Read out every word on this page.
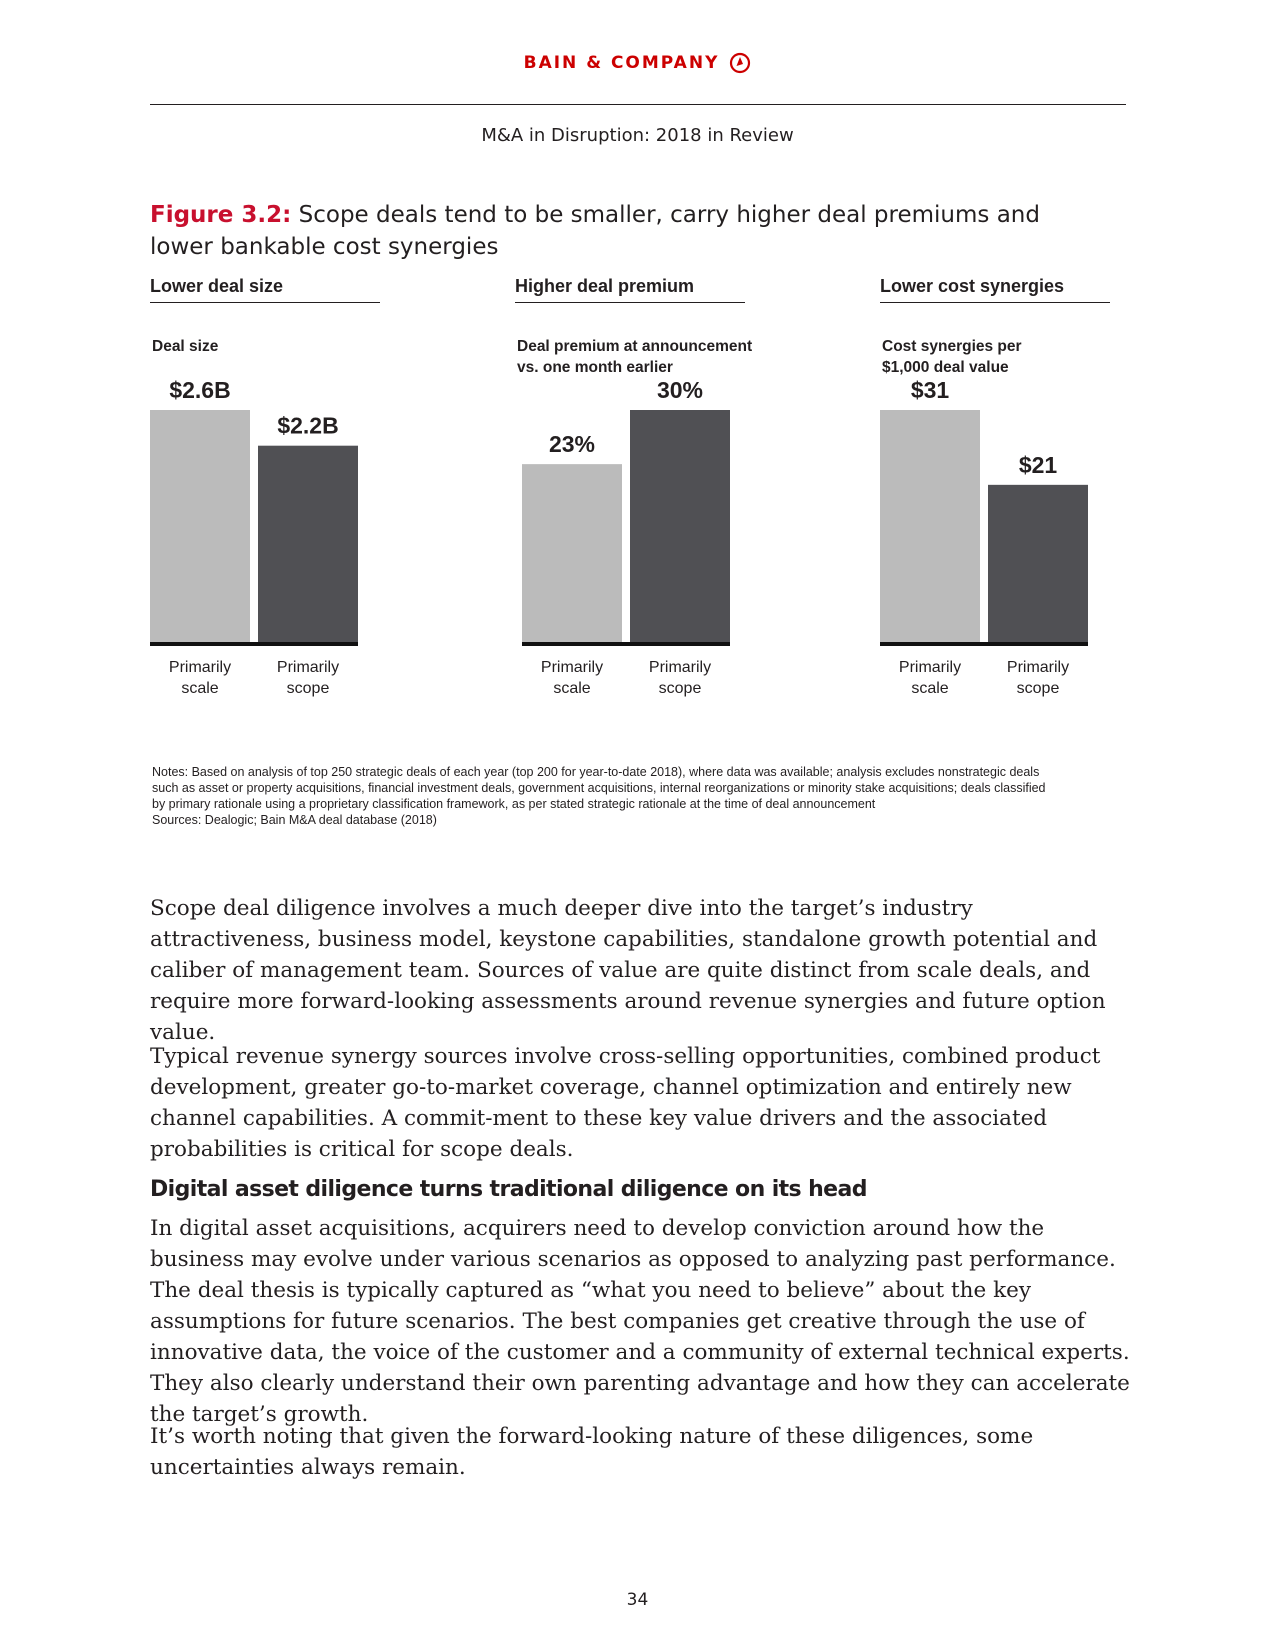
BAIN & COMPANY
M&A in Disruption: 2018 in Review
Figure 3.2: Scope deals tend to be smaller, carry higher deal premiums and lower bankable cost synergies
Lower deal size
Deal size
$2.6B
Primarily
scale
$2.2B
Primarily
scope
Higher deal premium
Deal premium at announcement
vs. one month earlier
23%
Primarily
scale
30%
Primarily
scope
Lower cost synergies
Cost synergies per
$1,000 deal value
$31
Primarily
scale
$21
Primarily
scope
Notes: Based on analysis of top 250 strategic deals of each year (top 200 for year-to-date 2018), where data was available; analysis excludes nonstrategic deals
such as asset or property acquisitions, financial investment deals, government acquisitions, internal reorganizations or minority stake acquisitions; deals classified
by primary rationale using a proprietary classification framework, as per stated strategic rationale at the time of deal announcement
Sources: Dealogic; Bain M&A deal database (2018)

Scope deal diligence involves a much deeper dive into the target’s industry attractiveness, business model, keystone capabilities, standalone growth potential and caliber of management team. Sources of value are quite distinct from scale deals, and require more forward-looking assessments around revenue synergies and future option value.

Typical revenue synergy sources involve cross-selling opportunities, combined product development, greater go-to-market coverage, channel optimization and entirely new channel capabilities. A commit-ment to these key value drivers and the associated probabilities is critical for scope deals.

Digital asset diligence turns traditional diligence on its head

In digital asset acquisitions, acquirers need to develop conviction around how the business may evolve under various scenarios as opposed to analyzing past performance. The deal thesis is typically captured as “what you need to believe” about the key assumptions for future scenarios. The best companies get creative through the use of innovative data, the voice of the customer and a community of external technical experts. They also clearly understand their own parenting advantage and how they can accelerate the target’s growth.

It’s worth noting that given the forward-looking nature of these diligences, some uncertainties always remain.

34
